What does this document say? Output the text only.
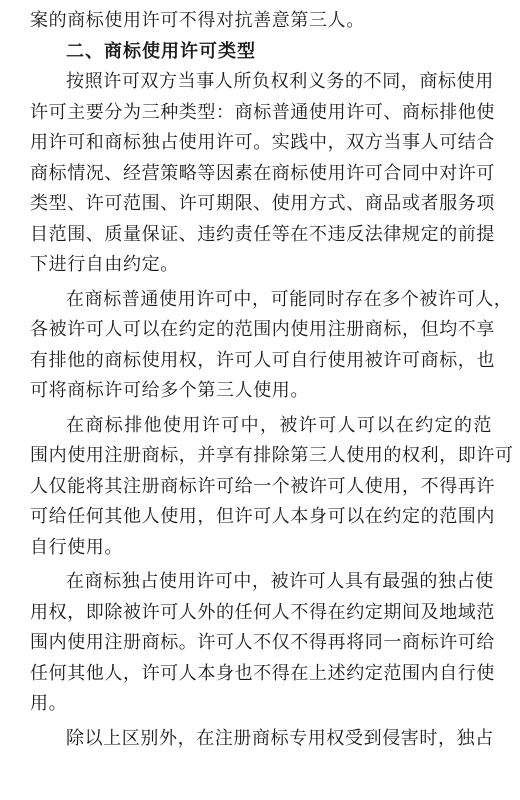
案的商标使用许可不得对抗善意第三人。
二、商标使用许可类型
按照许可双方当事人所负权利义务的不同，商标使用
许可主要分为三种类型：商标普通使用许可、商标排他使
用许可和商标独占使用许可。实践中，双方当事人可结合
商标情况、经营策略等因素在商标使用许可合同中对许可
类型、许可范围、许可期限、使用方式、商品或者服务项
目范围、质量保证、违约责任等在不违反法律规定的前提
下进行自由约定。
在商标普通使用许可中，可能同时存在多个被许可人，
各被许可人可以在约定的范围内使用注册商标，但均不享
有排他的商标使用权，许可人可自行使用被许可商标，也
可将商标许可给多个第三人使用。
在商标排他使用许可中，被许可人可以在约定的范
围内使用注册商标，并享有排除第三人使用的权利，即许可
人仅能将其注册商标许可给一个被许可人使用，不得再许
可给任何其他人使用，但许可人本身可以在约定的范围内
自行使用。
在商标独占使用许可中，被许可人具有最强的独占使
用权，即除被许可人外的任何人不得在约定期间及地域范
围内使用注册商标。许可人不仅不得再将同一商标许可给
任何其他人，许可人本身也不得在上述约定范围内自行使
用。
除以上区别外，在注册商标专用权受到侵害时，独占
